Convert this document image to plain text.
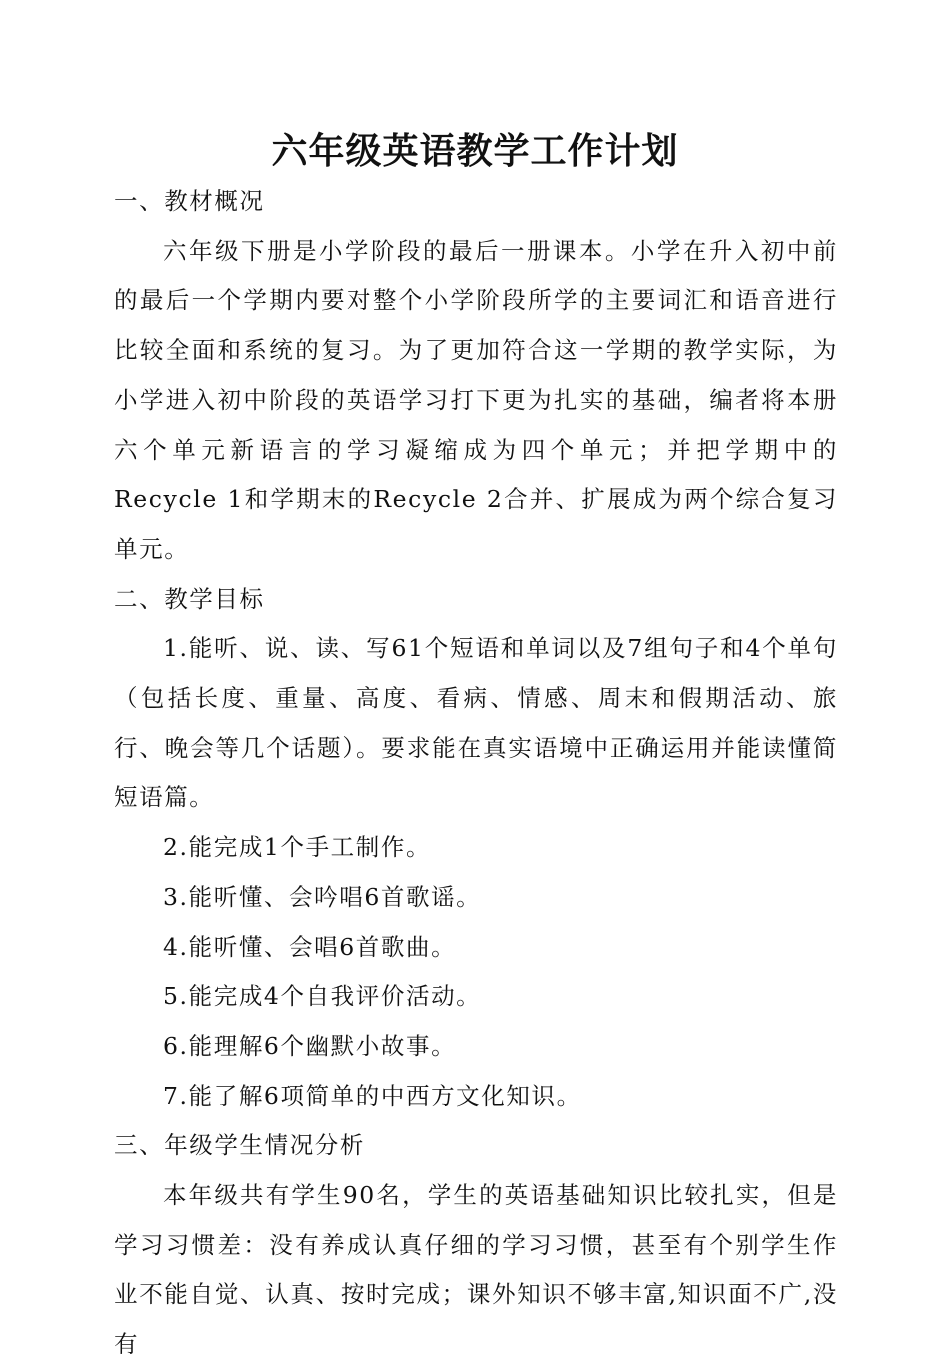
六年级英语教学工作计划

一、教材概况

六年级下册是小学阶段的最后一册课本。小学在升入初中前的最后一个学期内要对整个小学阶段所学的主要词汇和语音进行比较全面和系统的复习。为了更加符合这一学期的教学实际，为小学进入初中阶段的英语学习打下更为扎实的基础，编者将本册六个单元新语言的学习凝缩成为四个单元；并把学期中的Recycle 1和学期末的Recycle 2合并、扩展成为两个综合复习单元。

二、教学目标

1.能听、说、读、写61个短语和单词以及7组句子和4个单句（包括长度、重量、高度、看病、情感、周末和假期活动、旅行、晚会等几个话题）。要求能在真实语境中正确运用并能读懂简短语篇。

2.能完成1个手工制作。

3.能听懂、会吟唱6首歌谣。

4.能听懂、会唱6首歌曲。

5.能完成4个自我评价活动。

6.能理解6个幽默小故事。

7.能了解6项简单的中西方文化知识。

三、年级学生情况分析

本年级共有学生90名，学生的英语基础知识比较扎实，但是学习习惯差：没有养成认真仔细的学习习惯，甚至有个别学生作业不能自觉、认真、按时完成；课外知识不够丰富,知识面不广,没有
